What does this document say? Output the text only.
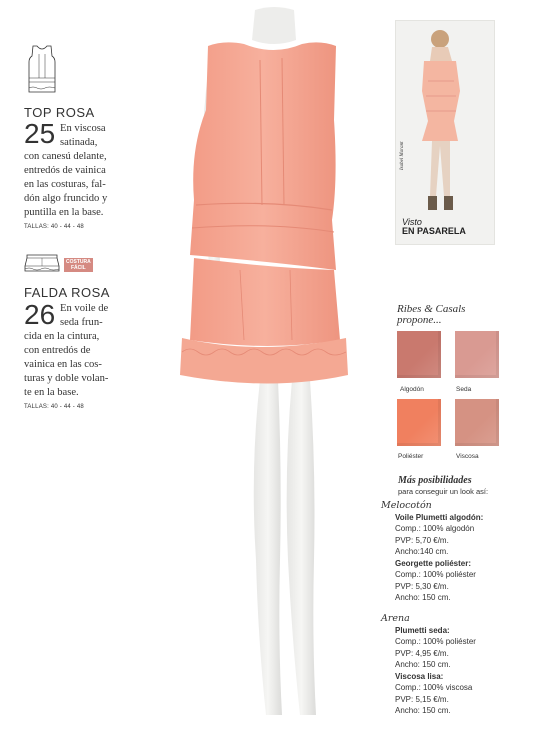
TOP ROSA
25 En viscosa
satinada,
con canesú delante,
entredós de vainica
en las costuras, fal-
dón algo fruncido y
puntilla en la base.
TALLAS: 40 - 44 - 48
COSTURA
FÁCIL
FALDA ROSA
26 En voile de
seda frun-
cida en la cintura,
con entredós de
vainica en las cos-
turas y doble volan-
te en la base.
TALLAS: 40 - 44 - 48
Isabel Marant
Visto
EN PASARELA
Ribes & Casals
propone...
Algodón	Seda
Poliéster	Viscosa
Más posibilidades
para conseguir un look así:
Melocotón
Voile Plumetti algodón:
Comp.: 100% algodón
PVP: 5,70 €/m.
Ancho:140 cm.
Georgette poliéster:
Comp.: 100% poliéster
PVP: 5,30 €/m.
Ancho: 150 cm.
Arena
Plumetti seda:
Comp.: 100% poliéster
PVP: 4,95 €/m.
Ancho: 150 cm.
Viscosa lisa:
Comp.: 100% viscosa
PVP: 5,15 €/m.
Ancho: 150 cm.
